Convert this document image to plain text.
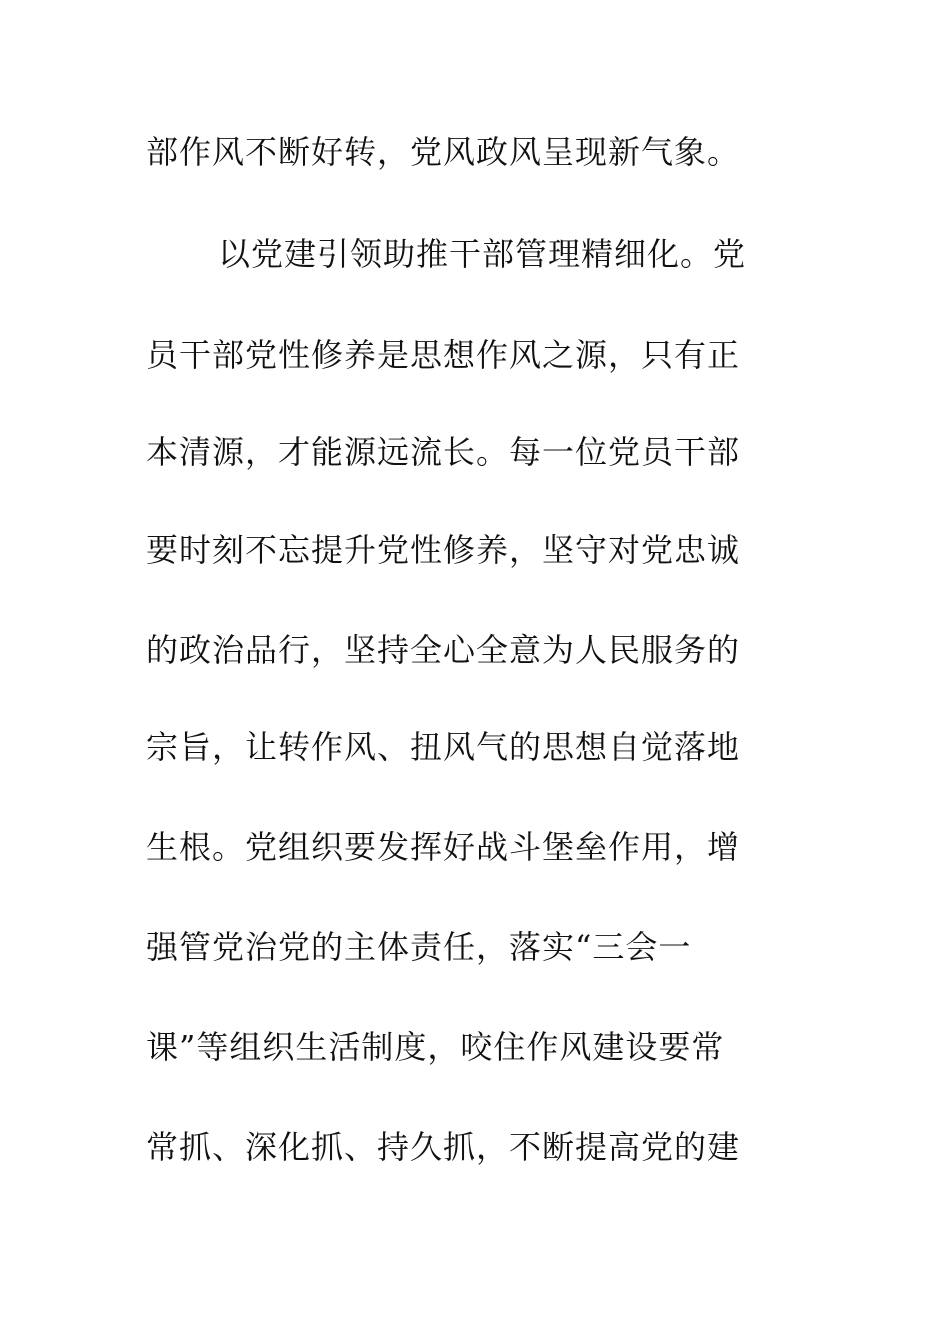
部作风不断好转，党风政风呈现新气象。
以党建引领助推干部管理精细化。党
员干部党性修养是思想作风之源，只有正
本清源，才能源远流长。每一位党员干部
要时刻不忘提升党性修养，坚守对党忠诚
的政治品行，坚持全心全意为人民服务的
宗旨，让转作风、扭风气的思想自觉落地
生根。党组织要发挥好战斗堡垒作用，增
强管党治党的主体责任，落实“三会一
课”等组织生活制度，咬住作风建设要常
常抓、深化抓、持久抓，不断提高党的建
